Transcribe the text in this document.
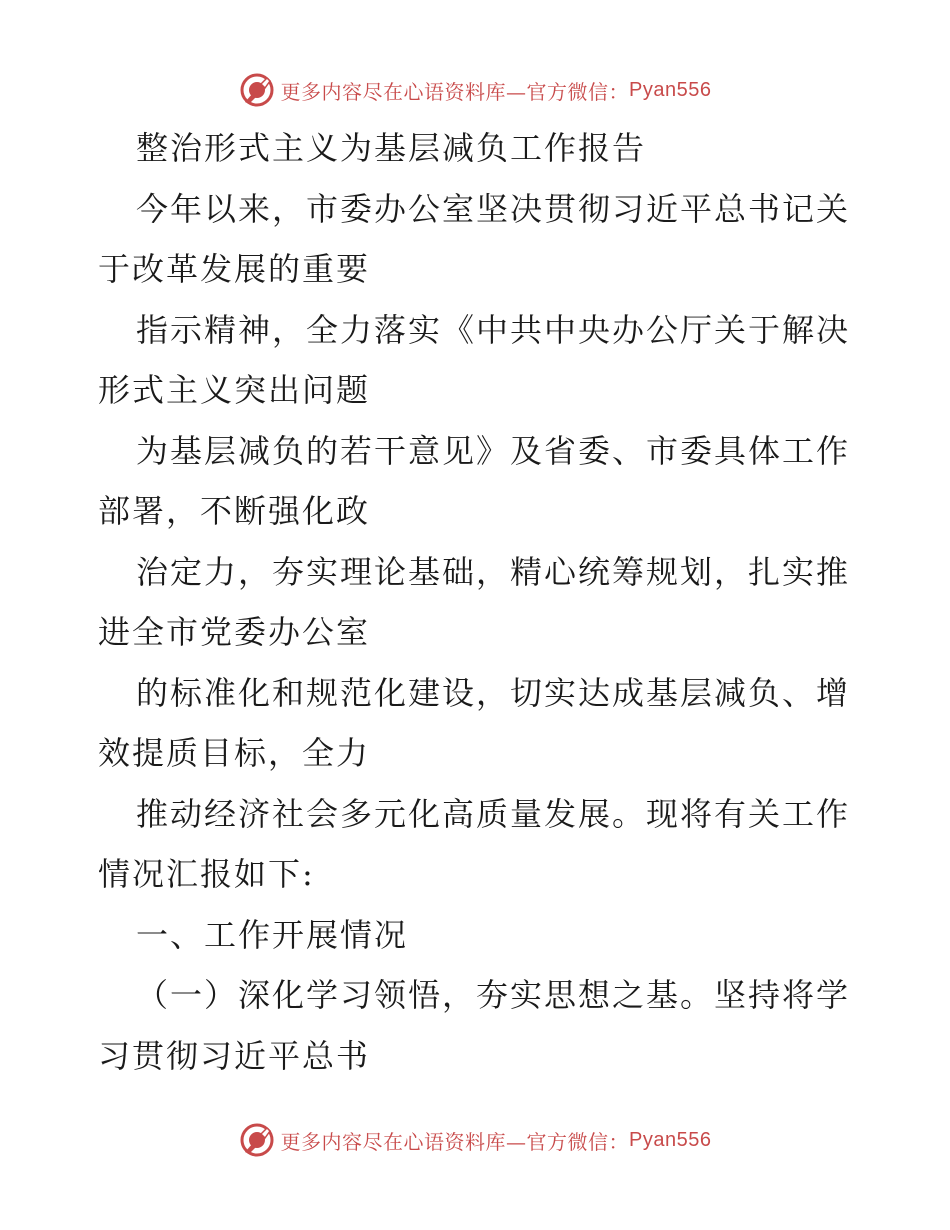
更多内容尽在心语资料库—官方微信： Pyan556
整治形式主义为基层减负工作报告
今年以来，市委办公室坚决贯彻习近平总书记关
于改革发展的重要
指示精神，全力落实《中共中央办公厅关于解决
形式主义突出问题
为基层减负的若干意见》及省委、市委具体工作
部署，不断强化政
治定力，夯实理论基础，精心统筹规划，扎实推
进全市党委办公室
的标准化和规范化建设，切实达成基层减负、增
效提质目标，全力
推动经济社会多元化高质量发展。现将有关工作
情况汇报如下:
一、工作开展情况
（一）深化学习领悟，夯实思想之基。坚持将学
习贯彻习近平总书
更多内容尽在心语资料库—官方微信： Pyan556
